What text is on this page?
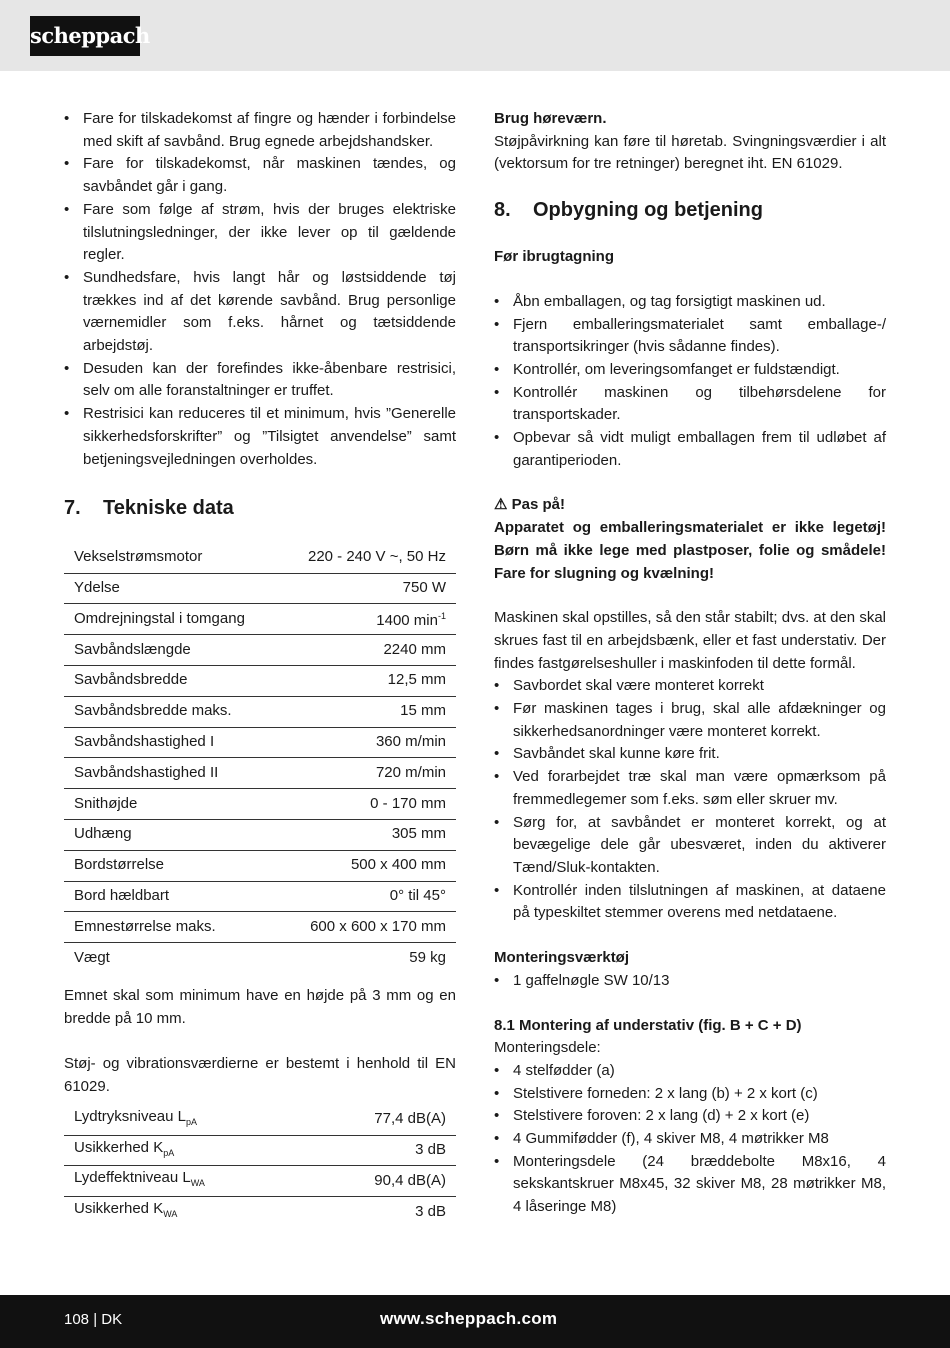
scheppach
• Fare for tilskadekomst af fingre og hænder i forbindelse med skift af savbånd. Brug egnede arbejdshandsker.
• Fare for tilskadekomst, når maskinen tændes, og savbåndet går i gang.
• Fare som følge af strøm, hvis der bruges elektriske tilslutningsledninger, der ikke lever op til gældende regler.
• Sundhedsfare, hvis langt hår og løstsiddende tøj trækkes ind af det kørende savbånd. Brug personlige værnemidler som f.eks. hårnet og tætsiddende arbejdstøj.
• Desuden kan der forefindes ikke-åbenbare restrisici, selv om alle foranstaltninger er truffet.
• Restrisici kan reduceres til et minimum, hvis ”Generelle sikkerhedsforskrifter” og ”Tilsigtet anvendelse” samt betjeningsvejledningen overholdes.
7. Tekniske data
Vekselstrømsmotor	220 - 240 V ~, 50 Hz
Ydelse	750 W
Omdrejningstal i tomgang	1400 $\min^{-1}$
Savbåndslængde	2240 mm
Savbåndsbredde	12,5 mm
Savbåndsbredde maks.	15 mm
Savbåndshastighed I	360 m/min
Savbåndshastighed II	720 m/min
Snithøjde	0 - 170 mm
Udhæng	305 mm
Bordstørrelse	500 x 400 mm
Bord hældbart	0° til 45°
Emnestørrelse maks.	600 x 600 x 170 mm
Vægt	59 kg

Emnet skal som minimum have en højde på 3 mm og en bredde på 10 mm.

Støj- og vibrationsværdierne er bestemt i henhold til EN 61029.

Lydtryksniveau $L_{pA}$	77,4 dB(A)
Usikkerhed $K_{pA}$	3 dB
Lydeffektniveau $L_{WA}$	90,4 dB(A)
Usikkerhed $K_{WA}$	3 dB

Brug høreværn.

Støjpåvirkning kan føre til høretab. Svingningsværdier i alt (vektorsum for tre retninger) beregnet iht. EN 61029.

8. Opbygning og betjening

Før ibrugtagning

• Åbn emballagen, og tag forsigtigt maskinen ud.
• Fjern emballeringsmaterialet samt emballage-/ transportsikringer (hvis sådanne findes).
• Kontrollér, om leveringsomfanget er fuldstændigt.
• Kontrollér maskinen og tilbehørsdelene for transportskader.
• Opbevar så vidt muligt emballagen frem til udløbet af garantiperioden.

⚠ Pas på!

Apparatet og emballeringsmaterialet er ikke legetøj! Børn må ikke lege med plastposer, folie og smådele! Fare for slugning og kvælning!

Maskinen skal opstilles, så den står stabilt; dvs. at den skal skrues fast til en arbejdsbænk, eller et fast understativ. Der findes fastgørelseshuller i maskinfoden til dette formål.

• Savbordet skal være monteret korrekt
• Før maskinen tages i brug, skal alle afdækninger og sikkerhedsanordninger være monteret korrekt.
• Savbåndet skal kunne køre frit.
• Ved forarbejdet træ skal man være opmærksom på fremmedlegemer som f.eks. søm eller skruer mv.
• Sørg for, at savbåndet er monteret korrekt, og at bevægelige dele går ubesværet, inden du aktiverer Tænd/Sluk-kontakten.
• Kontrollér inden tilslutningen af maskinen, at dataene på typeskiltet stemmer overens med netdataene.

Monteringsværktøj

• 1 gaffelnøgle SW 10/13

8.1 Montering af understativ (fig. B + C + D)

Monteringsdele:

• 4 stelfødder (a)
• Stelstivere forneden: 2 x lang (b) + 2 x kort (c)
• Stelstivere foroven: 2 x lang (d) + 2 x kort (e)
• 4 Gummifødder (f), 4 skiver M8, 4 møtrikker M8
• Monteringsdele (24 bræddebolte M8x16, 4 sekskantskruer M8x45, 32 skiver M8, 28 møtrikker M8, 4 låseringe M8)
108 | DK	www.scheppach.com
